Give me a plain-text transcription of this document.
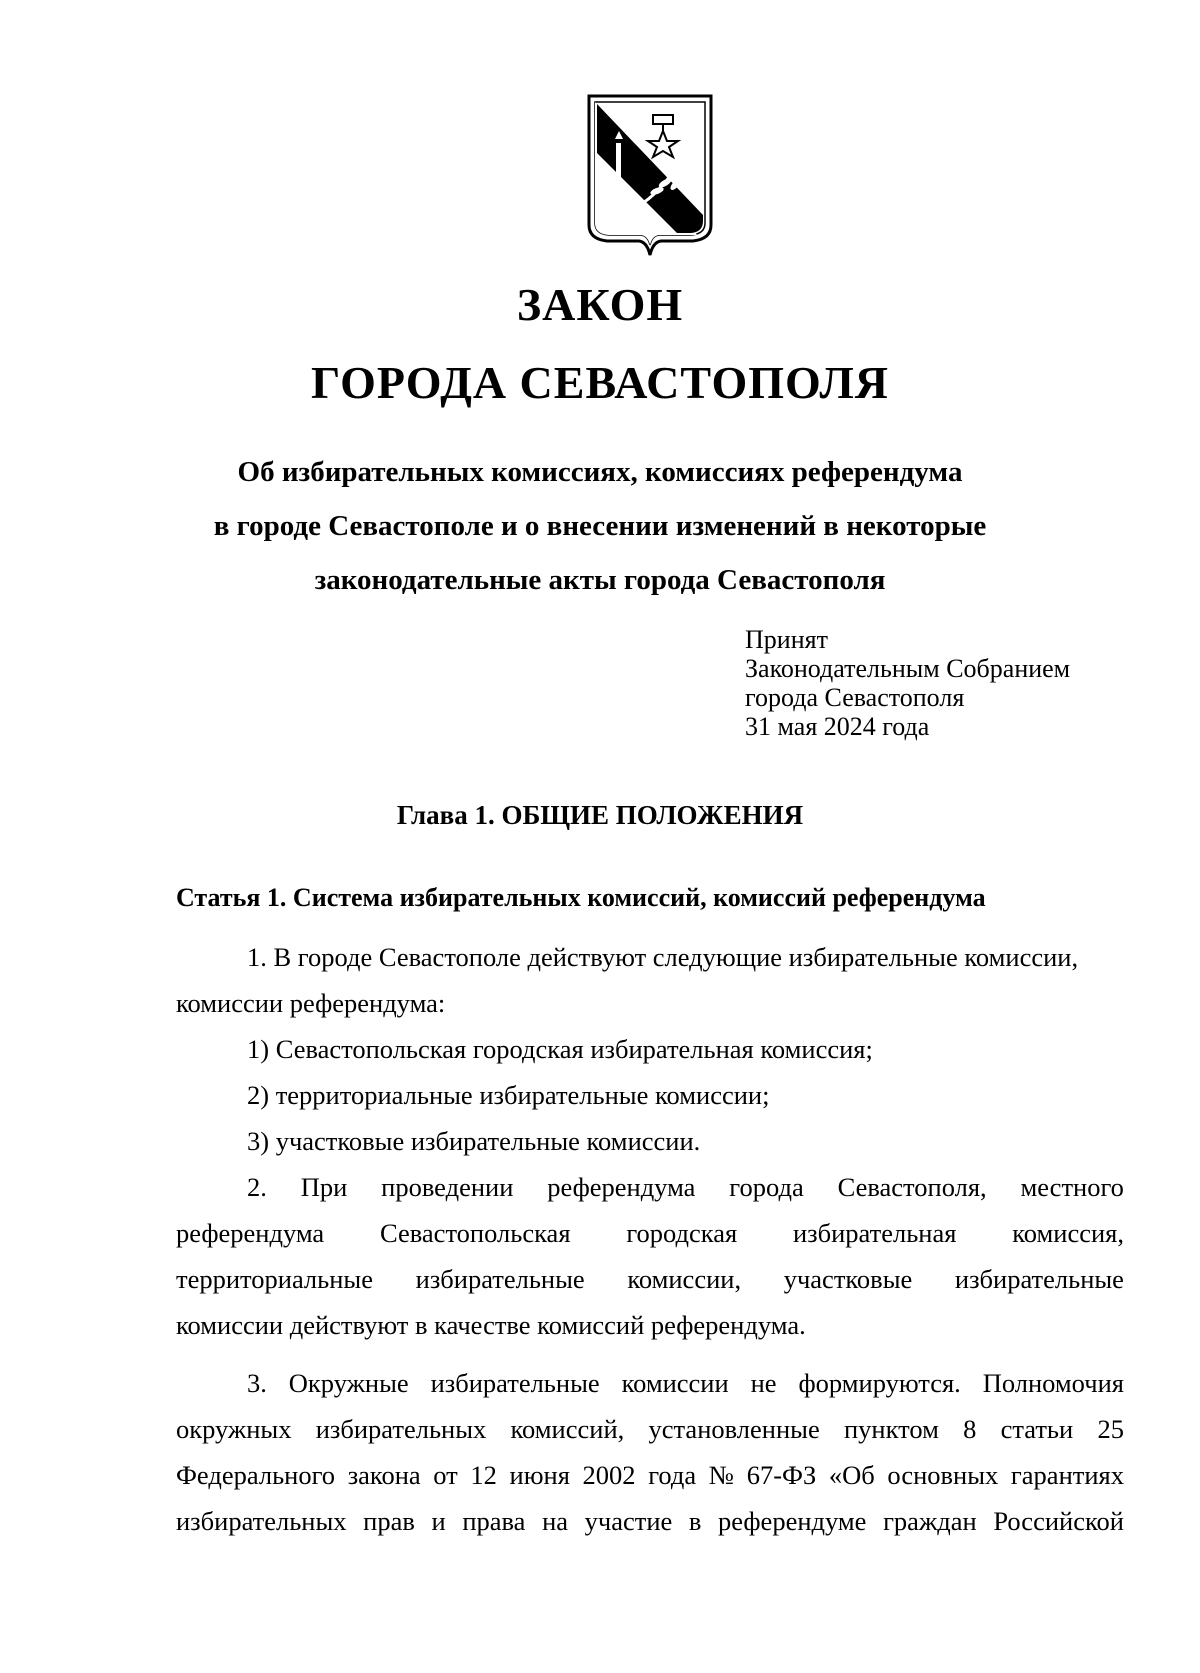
ЗАКОН
ГОРОДА СЕВАСТОПОЛЯ
Об избирательных комиссиях, комиссиях референдума
в городе Севастополе и о внесении изменений в некоторые
законодательные акты города Севастополя
Принят
Законодательным Собранием
города Севастополя
31 мая 2024 года
Глава 1. ОБЩИЕ ПОЛОЖЕНИЯ
Статья 1. Система избирательных комиссий, комиссий референдума
1. В городе Севастополе действуют следующие избирательные комиссии,
комиссии референдума:
1) Севастопольская городская избирательная комиссия;
2) территориальные избирательные комиссии;
3) участковые избирательные комиссии.
2. При проведении референдума города Севастополя, местного
референдума Севастопольская городская избирательная комиссия,
территориальные избирательные комиссии, участковые избирательные
комиссии действуют в качестве комиссий референдума.
3. Окружные избирательные комиссии не формируются. Полномочия
окружных избирательных комиссий, установленные пунктом 8 статьи 25
Федерального закона от 12 июня 2002 года № 67-ФЗ «Об основных гарантиях
избирательных прав и права на участие в референдуме граждан Российской
